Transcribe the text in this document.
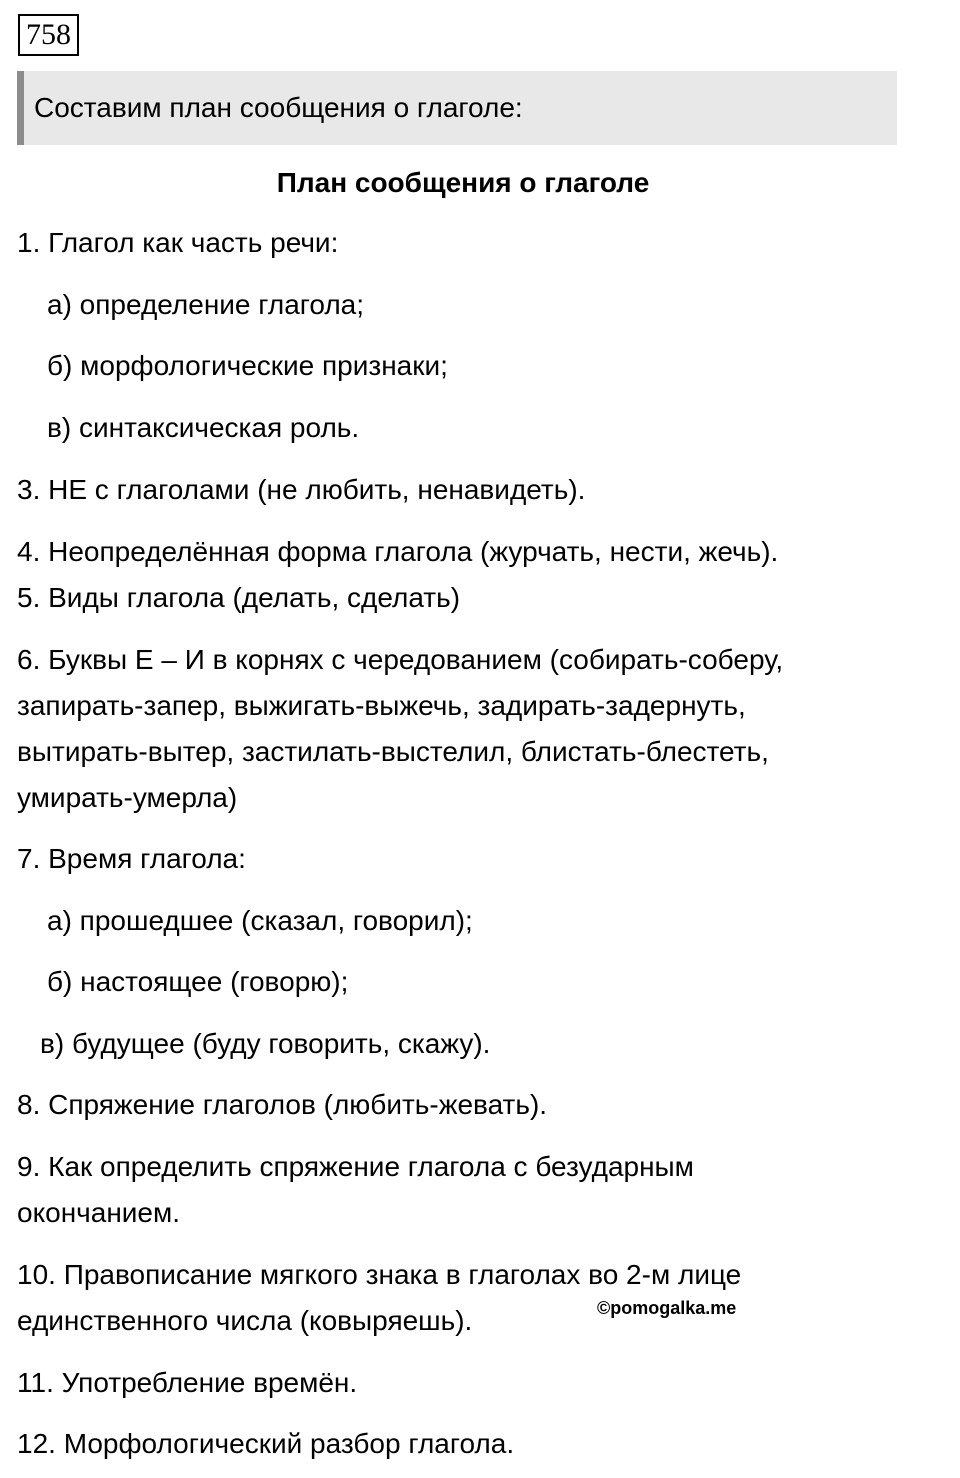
758
Составим план сообщения о глаголе:
План сообщения о глаголе
1. Глагол как часть речи:
а) определение глагола;
б) морфологические признаки;
в) синтаксическая роль.
3. НЕ с глаголами (не любить, ненавидеть).
4. Неопределённая форма глагола (журчать, нести, жечь).
5. Виды глагола (делать, сделать)
6. Буквы Е – И в корнях с чередованием (собирать-соберу,
запирать-запер, выжигать-выжечь, задирать-задернуть,
вытирать-вытер, застилать-выстелил, блистать-блестеть,
умирать-умерла)
7. Время глагола:
а) прошедшее (сказал, говорил);
б) настоящее (говорю);
в) будущее (буду говорить, скажу).
8. Спряжение глаголов (любить-жевать).
9. Как определить спряжение глагола с безударным
окончанием.
10. Правописание мягкого знака в глаголах во 2-м лице
единственного числа (ковыряешь).
11. Употребление времён.
12. Морфологический разбор глагола.
©pomogalka.me
